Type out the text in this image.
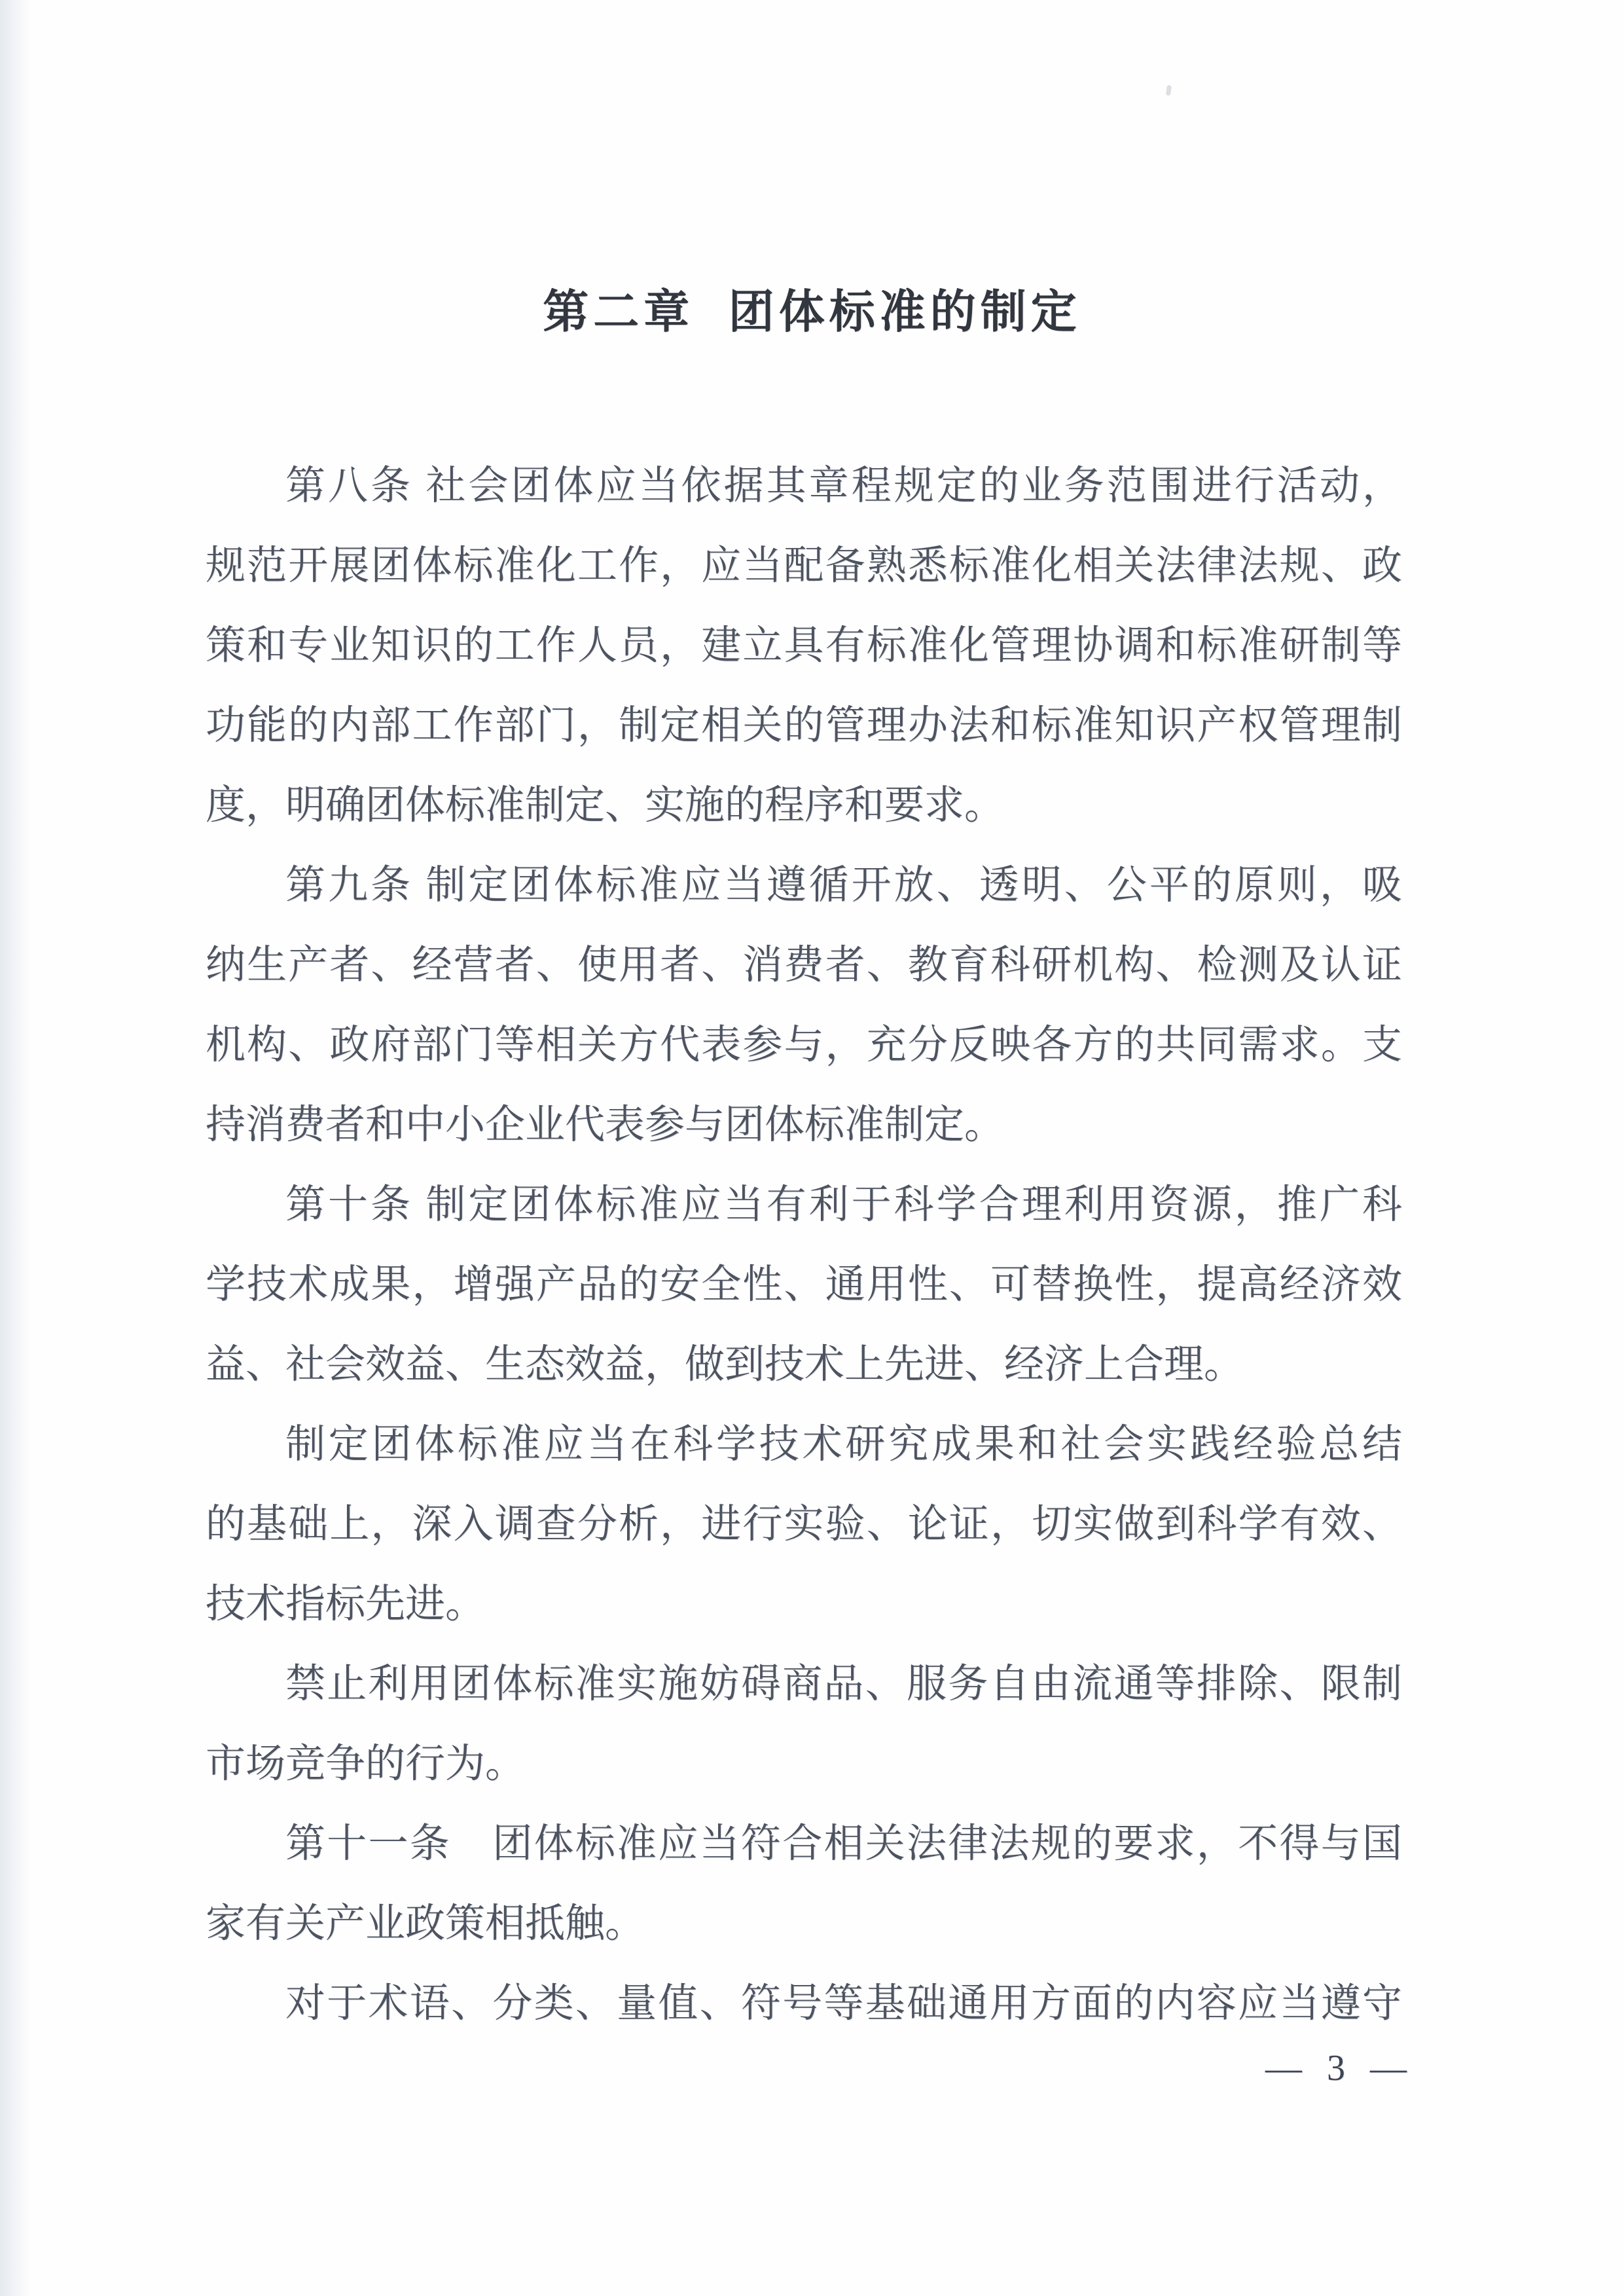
第二章 团体标准的制定
第八条 社会团体应当依据其章程规定的业务范围进行活动，
规范开展团体标准化工作，应当配备熟悉标准化相关法律法规、政
策和专业知识的工作人员，建立具有标准化管理协调和标准研制等
功能的内部工作部门，制定相关的管理办法和标准知识产权管理制
度，明确团体标准制定、实施的程序和要求。
第九条 制定团体标准应当遵循开放、透明、公平的原则，吸
纳生产者、经营者、使用者、消费者、教育科研机构、检测及认证
机构、政府部门等相关方代表参与，充分反映各方的共同需求。支
持消费者和中小企业代表参与团体标准制定。
第十条 制定团体标准应当有利于科学合理利用资源，推广科
学技术成果，增强产品的安全性、通用性、可替换性，提高经济效
益、社会效益、生态效益，做到技术上先进、经济上合理。
制定团体标准应当在科学技术研究成果和社会实践经验总结
的基础上，深入调查分析，进行实验、论证，切实做到科学有效、
技术指标先进。
禁止利用团体标准实施妨碍商品、服务自由流通等排除、限制
市场竞争的行为。
第十一条　团体标准应当符合相关法律法规的要求，不得与国
家有关产业政策相抵触。
对于术语、分类、量值、符号等基础通用方面的内容应当遵守
— 3 —
